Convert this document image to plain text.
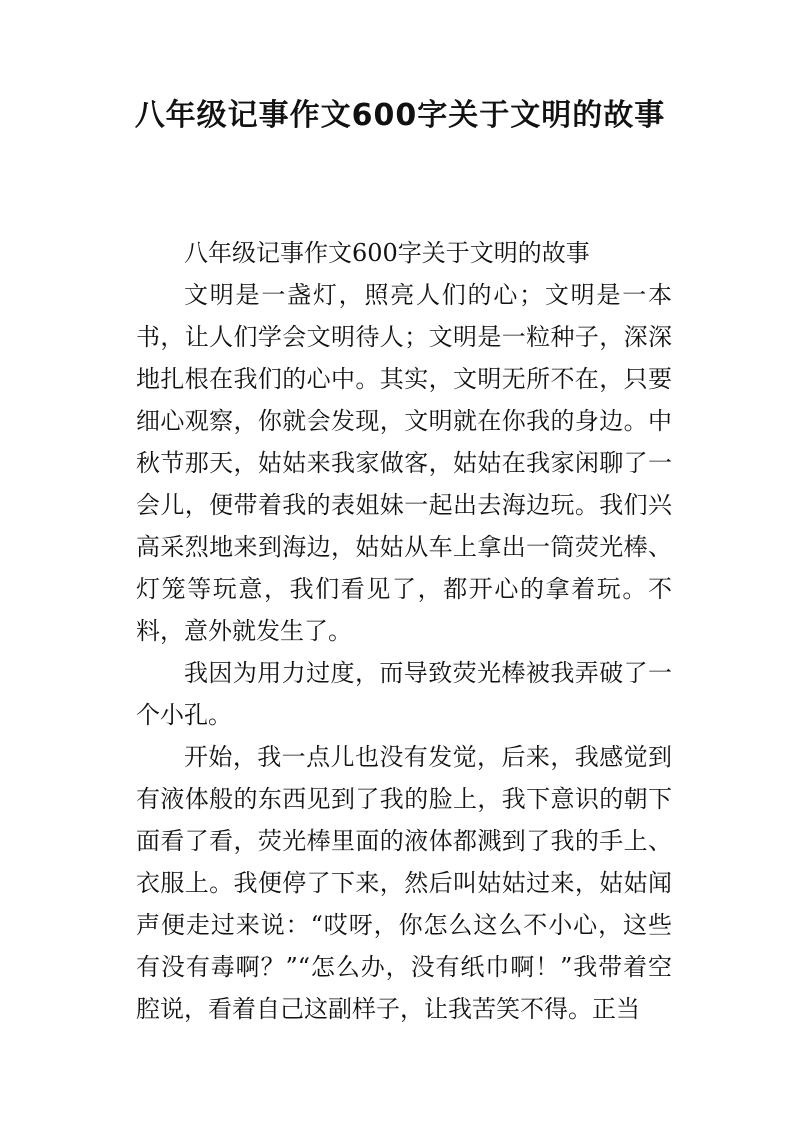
八年级记事作文600字关于文明的故事

八年级记事作文600字关于文明的故事

文明是一盏灯，照亮人们的心；文明是一本书，让人们学会文明待人；文明是一粒种子，深深地扎根在我们的心中。其实，文明无所不在，只要细心观察，你就会发现，文明就在你我的身边。中秋节那天，姑姑来我家做客，姑姑在我家闲聊了一会儿，便带着我的表姐妹一起出去海边玩。我们兴高采烈地来到海边，姑姑从车上拿出一筒荧光棒、灯笼等玩意，我们看见了，都开心的拿着玩。不料，意外就发生了。

我因为用力过度，而导致荧光棒被我弄破了一个小孔。

开始，我一点儿也没有发觉，后来，我感觉到有液体般的东西见到了我的脸上，我下意识的朝下面看了看，荧光棒里面的液体都溅到了我的手上、衣服上。我便停了下来，然后叫姑姑过来，姑姑闻声便走过来说：“哎呀，你怎么这么不小心，这些有没有毒啊？”“怎么办，没有纸巾啊！”我带着空腔说，看着自己这副样子，让我苦笑不得。正当
